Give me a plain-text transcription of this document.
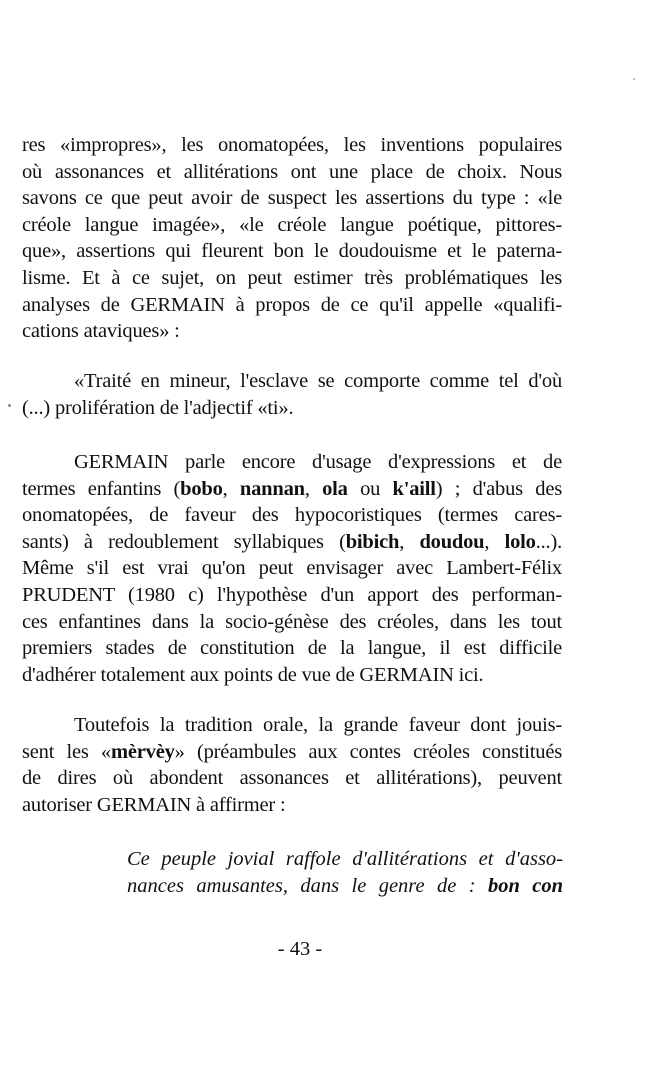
res «impropres», les onomatopées, les inventions populaires
où assonances et allitérations ont une place de choix. Nous
savons ce que peut avoir de suspect les assertions du type : «le
créole langue imagée», «le créole langue poétique, pittores-
que», assertions qui fleurent bon le doudouisme et le paterna-
lisme. Et à ce sujet, on peut estimer très problématiques les
analyses de GERMAIN à propos de ce qu'il appelle «qualifi-
cations ataviques» :
«Traité en mineur, l'esclave se comporte comme tel d'où
(...) prolifération de l'adjectif «ti».
GERMAIN parle encore d'usage d'expressions et de
termes enfantins (bobo, nannan, ola ou k'aill) ; d'abus des
onomatopées, de faveur des hypocoristiques (termes cares-
sants) à redoublement syllabiques (bibich, doudou, lolo...).
Même s'il est vrai qu'on peut envisager avec Lambert-Félix
PRUDENT (1980 c) l'hypothèse d'un apport des performan-
ces enfantines dans la socio-génèse des créoles, dans les tout
premiers stades de constitution de la langue, il est difficile
d'adhérer totalement aux points de vue de GERMAIN ici.
Toutefois la tradition orale, la grande faveur dont jouis-
sent les «mèrvèy» (préambules aux contes créoles constitués
de dires où abondent assonances et allitérations), peuvent
autoriser GERMAIN à affirmer :
Ce peuple jovial raffole d'allitérations et d'asso-
nances amusantes, dans le genre de : bon con
- 43 -
